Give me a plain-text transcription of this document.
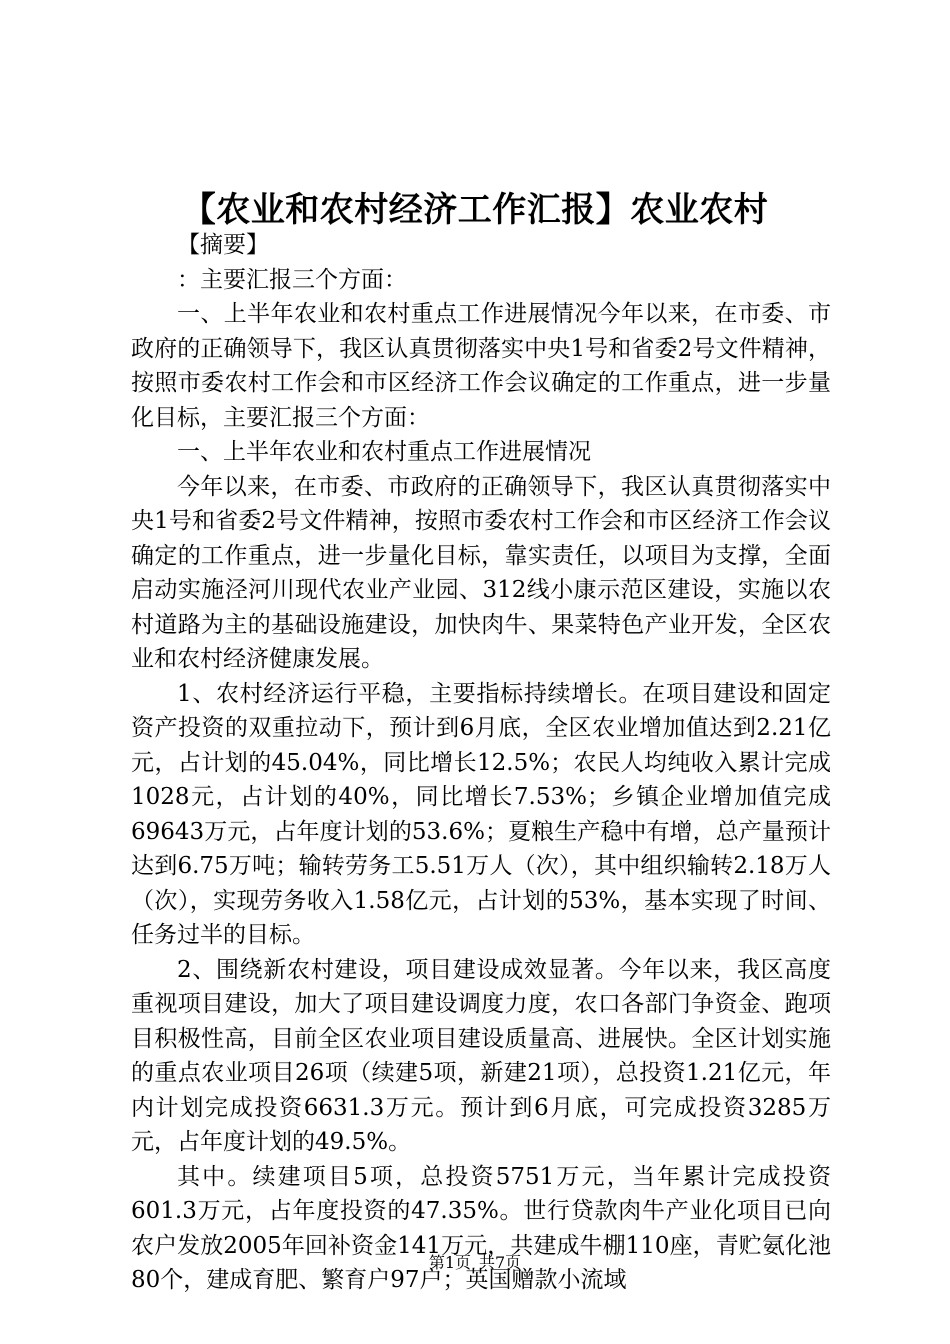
【农业和农村经济工作汇报】农业农村

【摘要】

：主要汇报三个方面：

一、上半年农业和农村重点工作进展情况今年以来，在市委、市政府的正确领导下，我区认真贯彻落实中央1号和省委2号文件精神，按照市委农村工作会和市区经济工作会议确定的工作重点，进一步量化目标，主要汇报三个方面：

一、上半年农业和农村重点工作进展情况

今年以来，在市委、市政府的正确领导下，我区认真贯彻落实中央1号和省委2号文件精神，按照市委农村工作会和市区经济工作会议确定的工作重点，进一步量化目标，靠实责任，以项目为支撑，全面启动实施泾河川现代农业产业园、312线小康示范区建设，实施以农村道路为主的基础设施建设，加快肉牛、果菜特色产业开发，全区农业和农村经济健康发展。

1、农村经济运行平稳，主要指标持续增长。在项目建设和固定资产投资的双重拉动下，预计到6月底，全区农业增加值达到2.21亿元，占计划的45.04%，同比增长12.5%；农民人均纯收入累计完成1028元，占计划的40%，同比增长7.53%；乡镇企业增加值完成69643万元，占年度计划的53.6%；夏粮生产稳中有增，总产量预计达到6.75万吨；输转劳务工5.51万人（次），其中组织输转2.18万人（次），实现劳务收入1.58亿元，占计划的53%，基本实现了时间、任务过半的目标。

2、围绕新农村建设，项目建设成效显著。今年以来，我区高度重视项目建设，加大了项目建设调度力度，农口各部门争资金、跑项目积极性高，目前全区农业项目建设质量高、进展快。全区计划实施的重点农业项目26项（续建5项，新建21项），总投资1.21亿元，年内计划完成投资6631.3万元。预计到6月底，可完成投资3285万元，占年度计划的49.5%。

其中。续建项目5项，总投资5751万元，当年累计完成投资601.3万元，占年度投资的47.35%。世行贷款肉牛产业化项目已向农户发放2005年回补资金141万元，共建成牛棚110座，青贮氨化池80个，建成育肥、繁育户97户；英国赠款小流域

第1页 共7页
